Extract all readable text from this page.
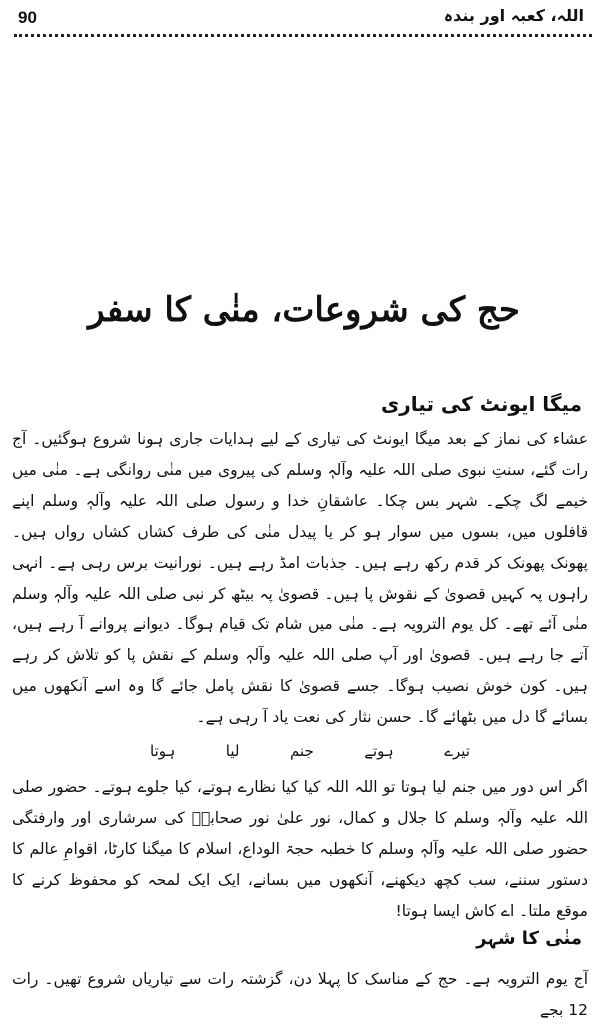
90	اللہ، کعبہ اور بندہ
حج کی شروعات، منٰی کا سفر
میگا ایونٹ کی تیاری

عشاء کی نماز کے بعد میگا ایونٹ کی تیاری کے لیے ہدایات جاری ہونا شروع ہوگئیں۔ آج رات گئے، سنتِ نبوی صلی اللہ علیہ وآلہٖ وسلم کی پیروی میں منٰی روانگی ہے۔ منٰی میں خیمے لگ چکے۔ شہر بس چکا۔ عاشقانِ خدا و رسول صلی اللہ علیہ وآلہٖ وسلم اپنے قافلوں میں، بسوں میں سوار ہو کر یا پیدل منٰی کی طرف کشاں کشاں رواں ہیں۔ پھونک پھونک کر قدم رکھ رہے ہیں۔ جذبات امڈ رہے ہیں۔ نورانیت برس رہی ہے۔ انہی راہوں پہ کہیں قصویٰ کے نقوش پا ہیں۔ قصویٰ پہ بیٹھ کر نبی صلی اللہ علیہ وآلہٖ وسلم منٰی آئے تھے۔ کل یوم الترویہ ہے۔ منٰی میں شام تک قیام ہوگا۔ دیوانے پروانے آ رہے ہیں، آتے جا رہے ہیں۔ قصویٰ اور آپ صلی اللہ علیہ وآلہٖ وسلم کے نقش پا کو تلاش کر رہے ہیں۔ کون خوش نصیب ہوگا۔ جسے قصویٰ کا نقش پامل جائے گا وہ اسے آنکھوں میں بسائے گا دل میں بٹھائے گا۔ حسن نثار کی نعت یاد آ رہی ہے۔

تیرے
ہوتے
جنم
لیا
ہوتا

اگر اس دور میں جنم لیا ہوتا تو اللہ اللہ کیا کیا نظارے ہوتے، کیا جلوے ہوتے۔ حضور صلی اللہ علیہ وآلہٖ وسلم کا جلال و کمال، نور علیٰ نور صحابہؓ کی سرشاری اور وارفتگی حضور صلی اللہ علیہ وآلہٖ وسلم کا خطبہ حجۃ الوداع، اسلام کا میگنا کارٹا، اقوامِ عالم کا دستور سننے، سب کچھ دیکھنے، آنکھوں میں بسانے، ایک ایک لمحہ کو محفوظ کرنے کا موقع ملتا۔ اے کاش ایسا ہوتا!

منٰی کا شہر

آج یوم الترویہ ہے۔ حج کے مناسک کا پہلا دن، گزشتہ رات سے تیاریاں شروع تھیں۔ رات 12 بجے
